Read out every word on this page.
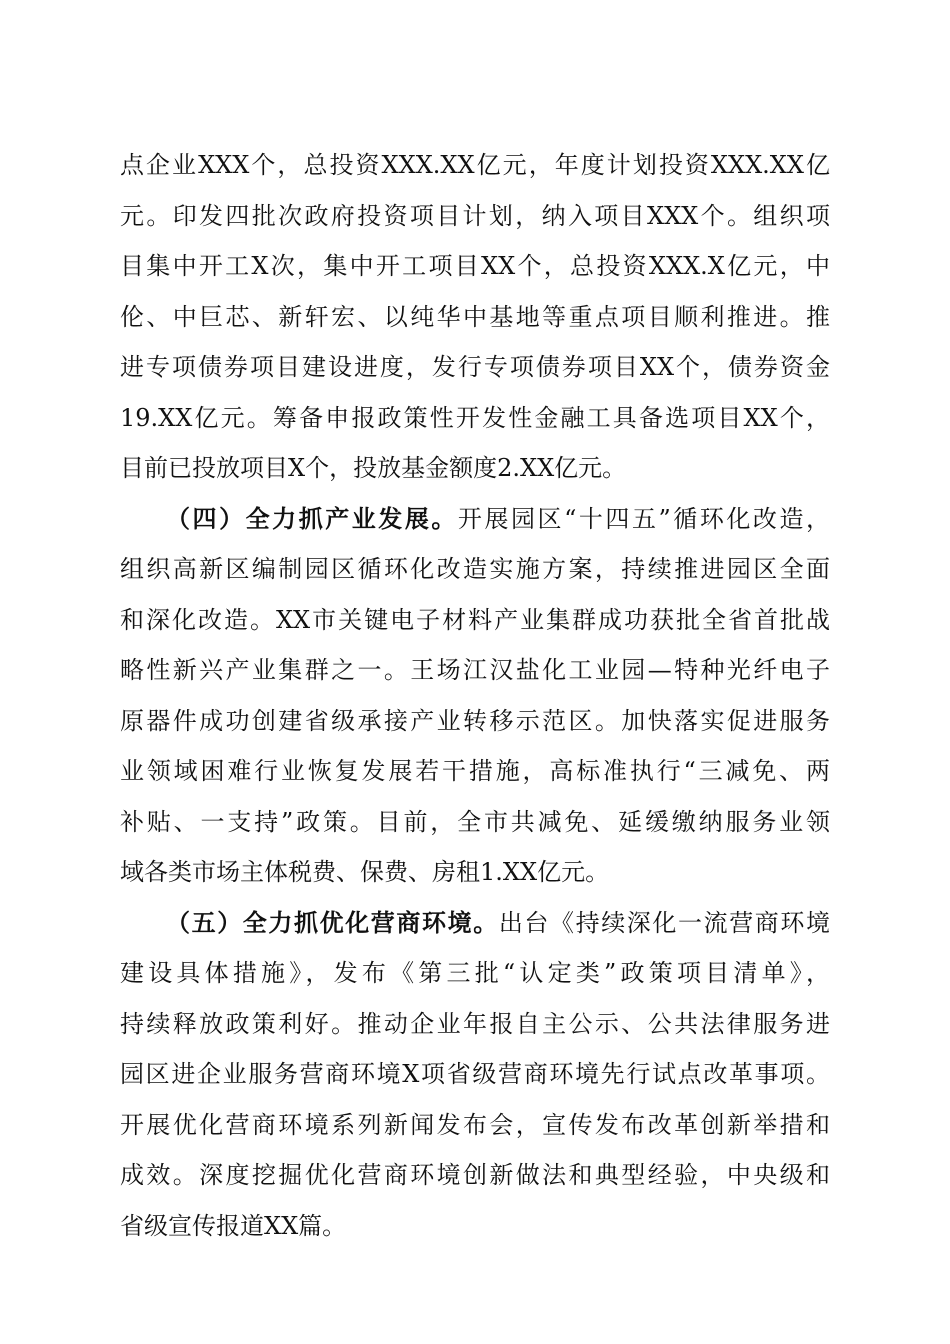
点企业XXX个，总投资XXX.XX亿元，年度计划投资XXX.XX亿
元。印发四批次政府投资项目计划，纳入项目XXX个。组织项
目集中开工X次，集中开工项目XX个，总投资XXX.X亿元，中
伦、中巨芯、新轩宏、以纯华中基地等重点项目顺利推进。推
进专项债券项目建设进度，发行专项债券项目XX个，债券资金
19.XX亿元。筹备申报政策性开发性金融工具备选项目XX个，
目前已投放项目X个，投放基金额度2.XX亿元。
（四）全力抓产业发展。开展园区“十四五”循环化改造，
组织高新区编制园区循环化改造实施方案，持续推进园区全面
和深化改造。XX市关键电子材料产业集群成功获批全省首批战
略性新兴产业集群之一。王场江汉盐化工业园—特种光纤电子
原器件成功创建省级承接产业转移示范区。加快落实促进服务
业领域困难行业恢复发展若干措施，高标准执行“三减免、两
补贴、一支持”政策。目前，全市共减免、延缓缴纳服务业领
域各类市场主体税费、保费、房租1.XX亿元。
（五）全力抓优化营商环境。出台《持续深化一流营商环境
建设具体措施》，发布《第三批“认定类”政策项目清单》，
持续释放政策利好。推动企业年报自主公示、公共法律服务进
园区进企业服务营商环境X项省级营商环境先行试点改革事项。
开展优化营商环境系列新闻发布会，宣传发布改革创新举措和
成效。深度挖掘优化营商环境创新做法和典型经验，中央级和
省级宣传报道XX篇。
